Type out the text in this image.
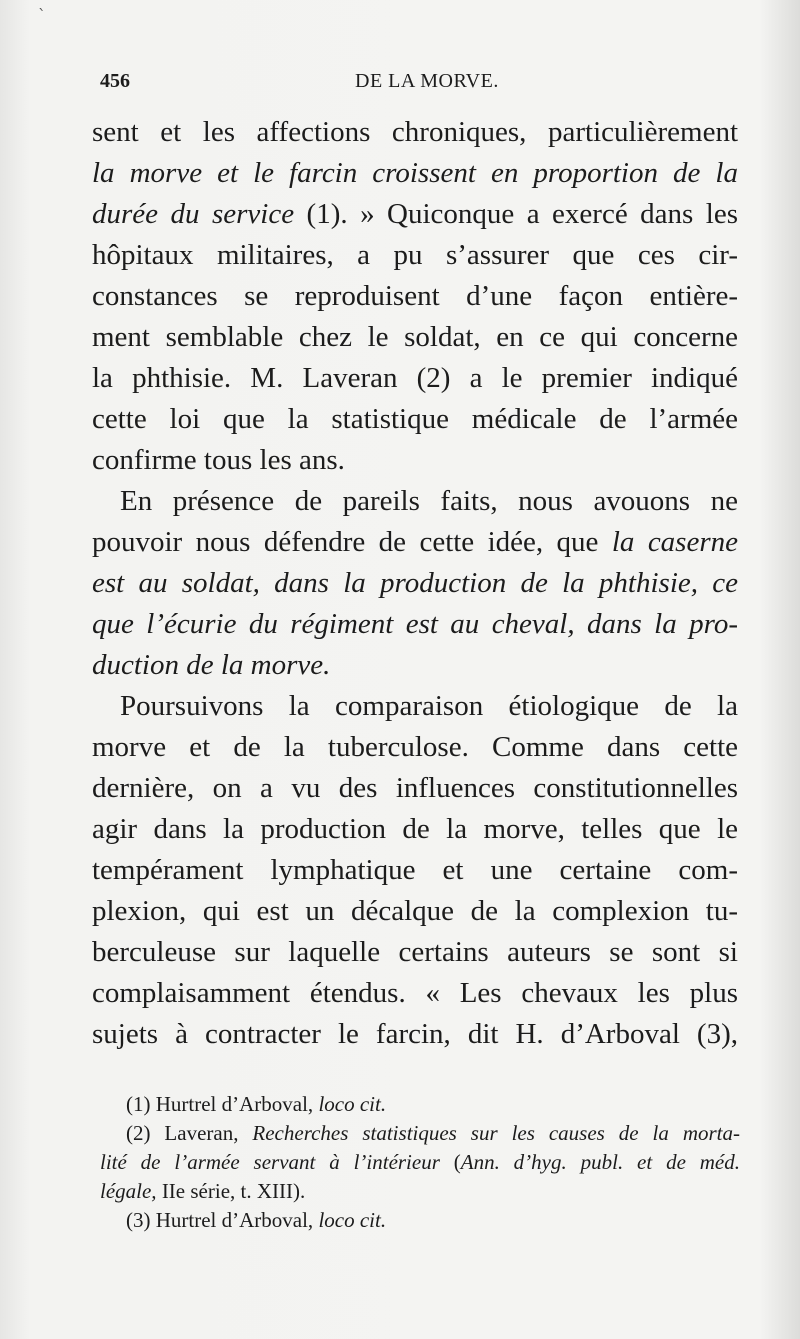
`
456	DE LA MORVE.
sent et les affections chroniques, particulièrement
la morve et le farcin croissent en proportion de la
durée du service (1). » Quiconque a exercé dans les
hôpitaux militaires, a pu s’assurer que ces cir-
constances se reproduisent d’une façon entière-
ment semblable chez le soldat, en ce qui concerne
la phthisie. M. Laveran (2) a le premier indiqué
cette loi que la statistique médicale de l’armée
confirme tous les ans.
En présence de pareils faits, nous avouons ne
pouvoir nous défendre de cette idée, que la caserne
est au soldat, dans la production de la phthisie, ce
que l’écurie du régiment est au cheval, dans la pro-
duction de la morve.
Poursuivons la comparaison étiologique de la
morve et de la tuberculose. Comme dans cette
dernière, on a vu des influences constitutionnelles
agir dans la production de la morve, telles que le
tempérament lymphatique et une certaine com-
plexion, qui est un décalque de la complexion tu-
berculeuse sur laquelle certains auteurs se sont si
complaisamment étendus. « Les chevaux les plus
sujets à contracter le farcin, dit H. d’Arboval (3),
(1) Hurtrel d’Arboval, loco cit.
(2) Laveran, Recherches statistiques sur les causes de la morta-
lité de l’armée servant à l’intérieur (Ann. d’hyg. publ. et de méd.
légale, IIe série, t. XIII).
(3) Hurtrel d’Arboval, loco cit.
